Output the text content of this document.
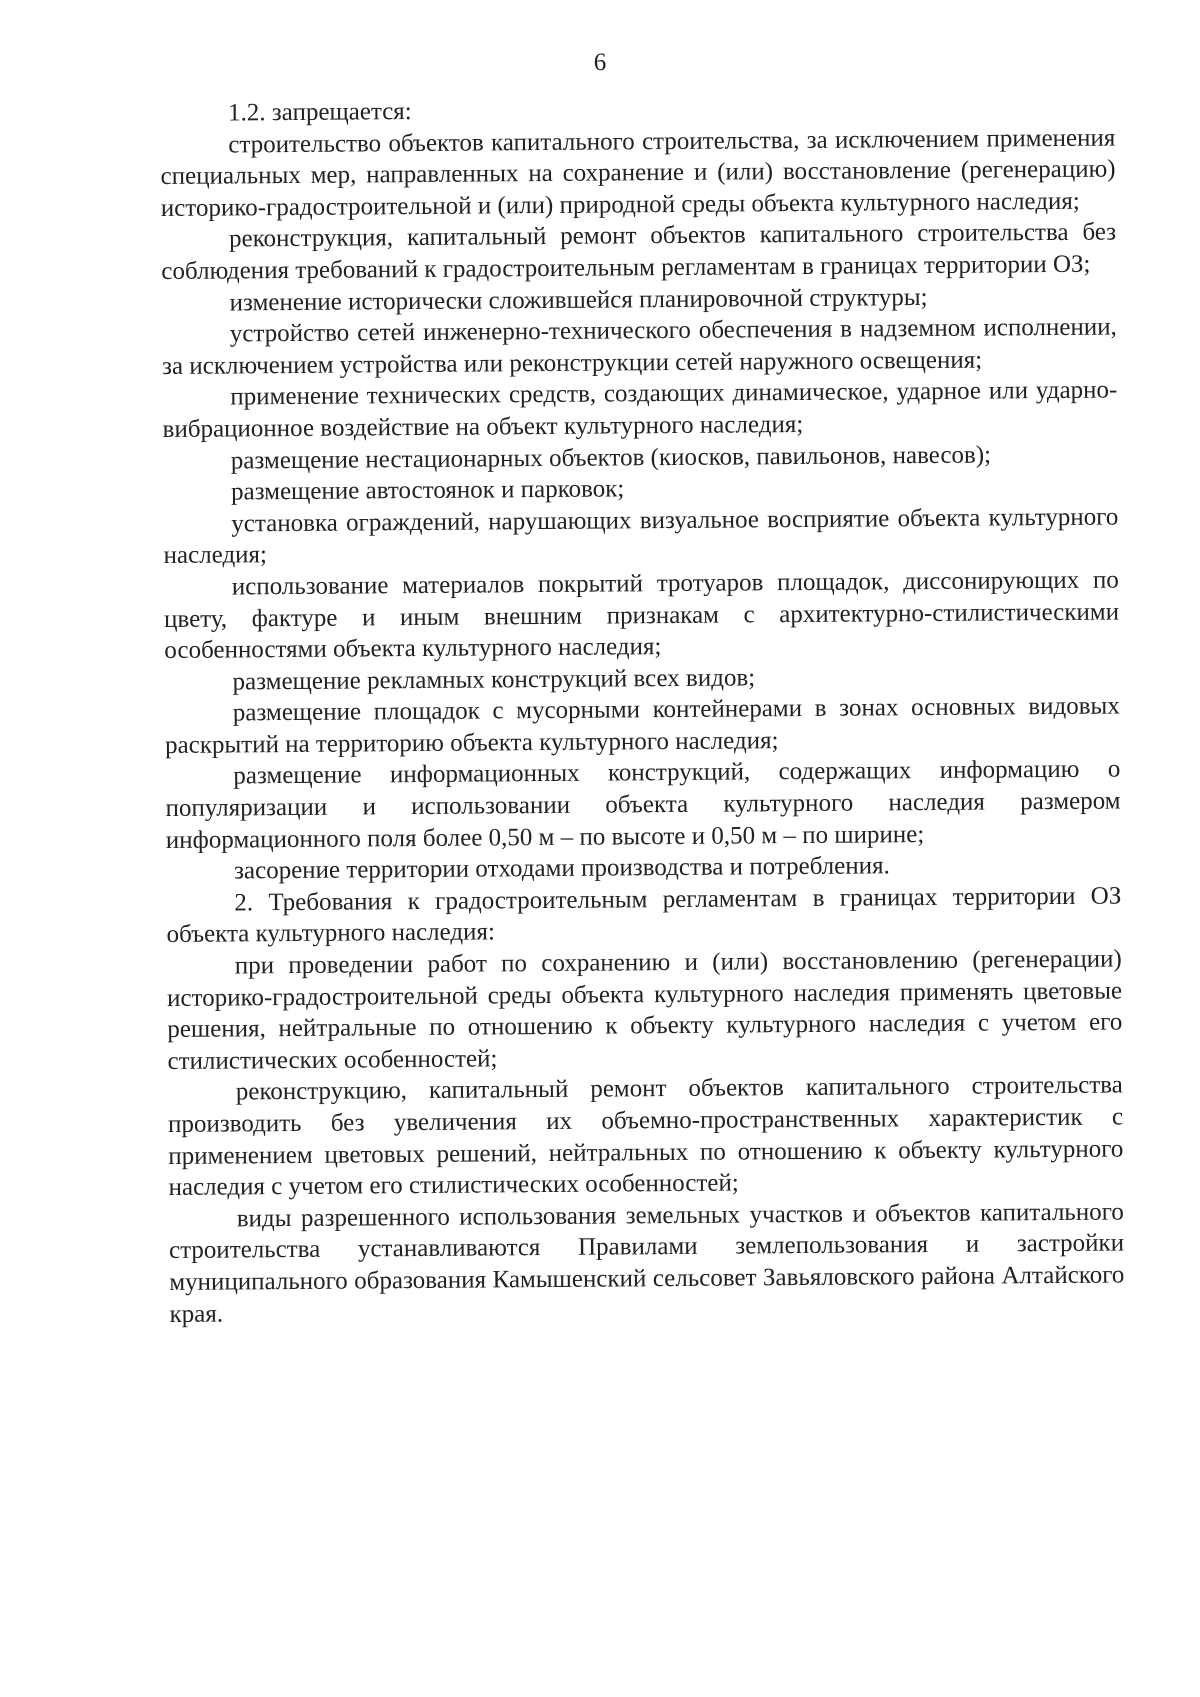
6

1.2. запрещается:

строительство объектов капитального строительства, за исключением применения специальных мер, направленных на сохранение и (или) восстановление (регенерацию) историко-градостроительной и (или) природной среды объекта культурного наследия;

реконструкция, капитальный ремонт объектов капитального строительства без соблюдения требований к градостроительным регламентам в границах территории ОЗ;

изменение исторически сложившейся планировочной структуры;

устройство сетей инженерно-технического обеспечения в надземном исполнении, за исключением устройства или реконструкции сетей наружного освещения;

применение технических средств, создающих динамическое, ударное или ударно-вибрационное воздействие на объект культурного наследия;

размещение нестационарных объектов (киосков, павильонов, навесов);

размещение автостоянок и парковок;

установка ограждений, нарушающих визуальное восприятие объекта культурного наследия;

использование материалов покрытий тротуаров площадок, диссонирующих по цвету, фактуре и иным внешним признакам с архитектурно-стилистическими особенностями объекта культурного наследия;

размещение рекламных конструкций всех видов;

размещение площадок с мусорными контейнерами в зонах основных видовых раскрытий на территорию объекта культурного наследия;

размещение информационных конструкций, содержащих информацию о популяризации и использовании объекта культурного наследия размером информационного поля более 0,50 м – по высоте и 0,50 м – по ширине;

засорение территории отходами производства и потребления.

2. Требования к градостроительным регламентам в границах территории ОЗ объекта культурного наследия:

при проведении работ по сохранению и (или) восстановлению (регенерации) историко-градостроительной среды объекта культурного наследия применять цветовые решения, нейтральные по отношению к объекту культурного наследия с учетом его стилистических особенностей;

реконструкцию, капитальный ремонт объектов капитального строительства производить без увеличения их объемно-пространственных характеристик с применением цветовых решений, нейтральных по отношению к объекту культурного наследия с учетом его стилистических особенностей;

виды разрешенного использования земельных участков и объектов капитального строительства устанавливаются Правилами землепользования и застройки муниципального образования Камышенский сельсовет Завьяловского района Алтайского края.
